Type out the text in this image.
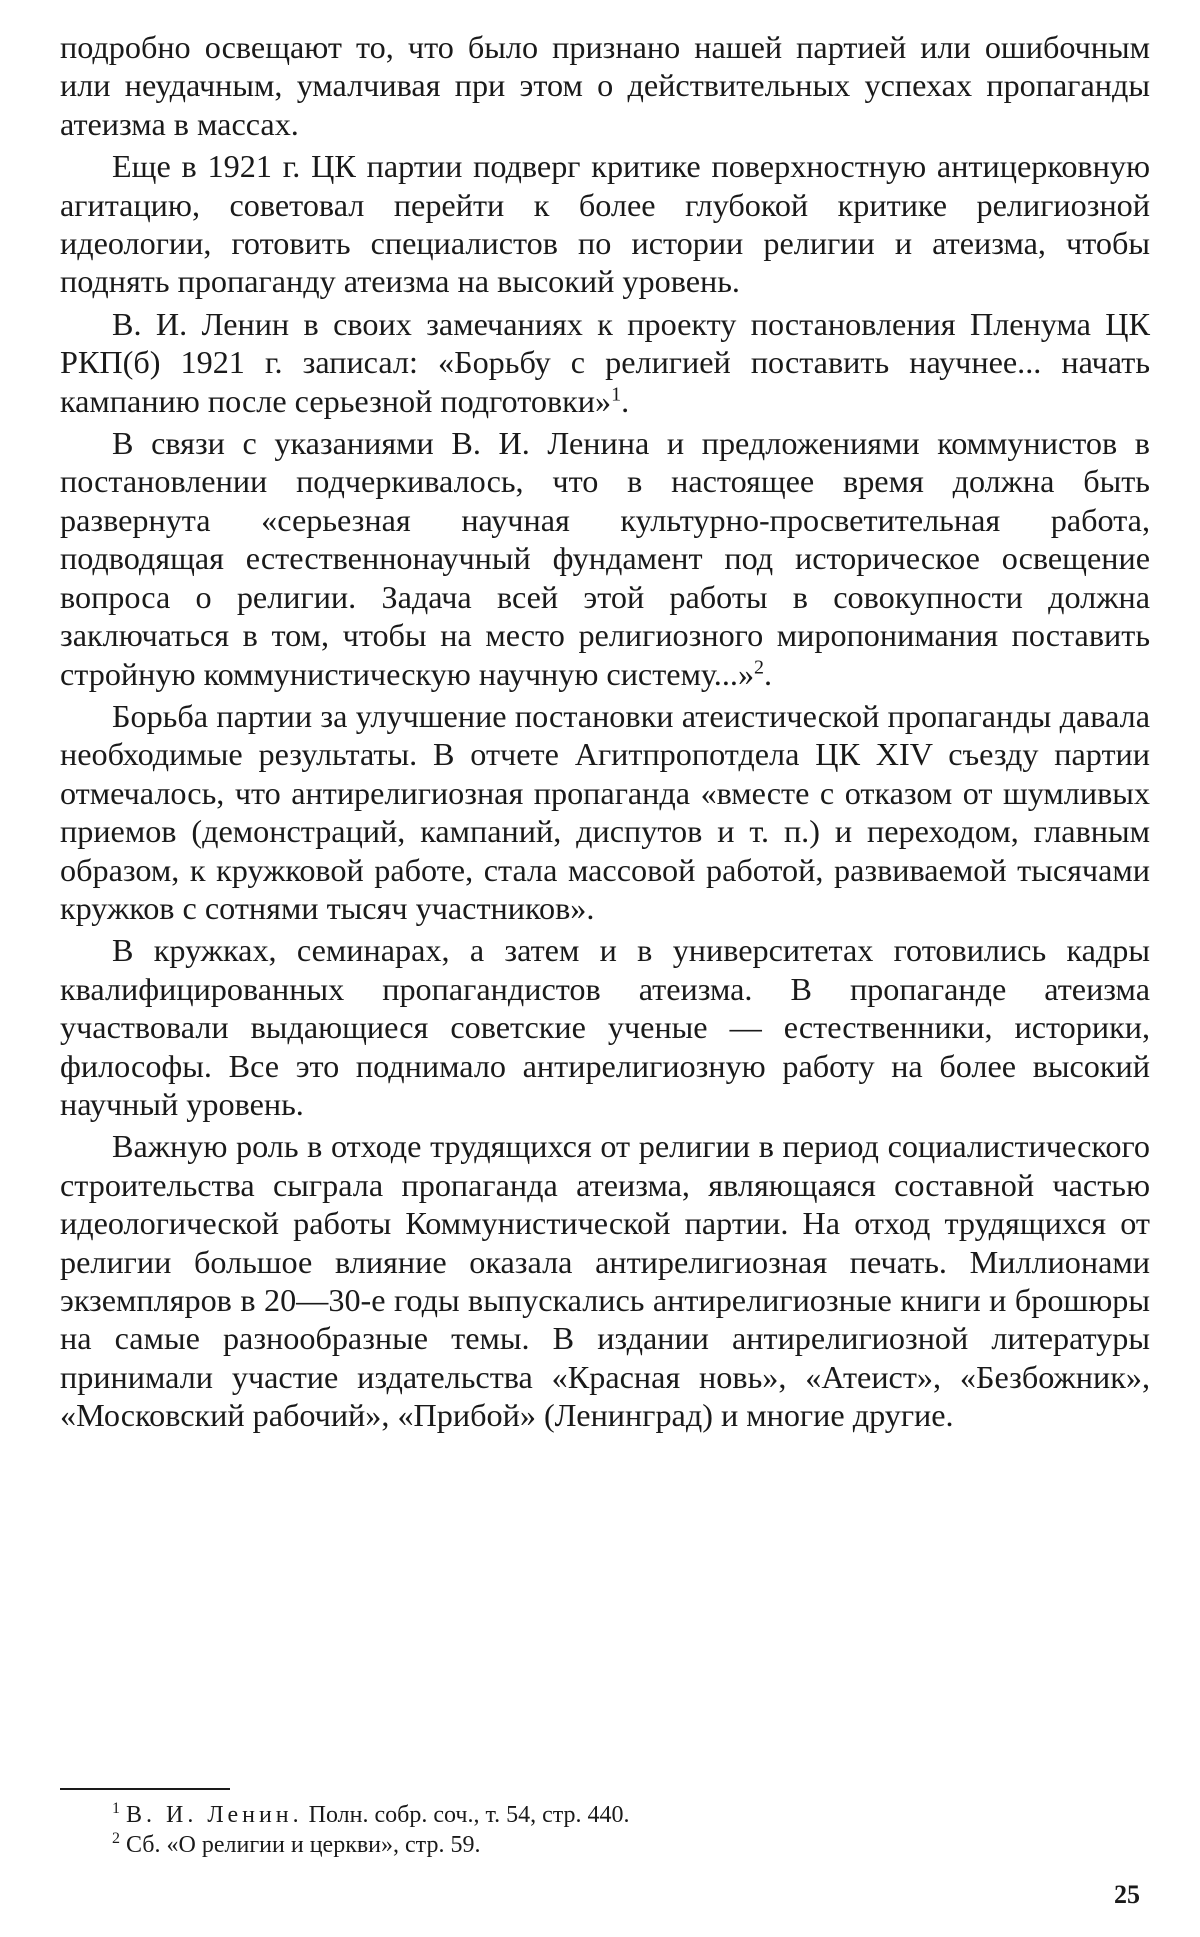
подробно освещают то, что было признано нашей партией или ошибочным или неудачным, умалчивая при этом о действительных успехах пропаганды атеизма в массах.

Еще в 1921 г. ЦК партии подверг критике поверхностную антицерковную агитацию, советовал перейти к более глубокой критике религиозной идеологии, готовить специалистов по истории религии и атеизма, чтобы поднять пропаганду атеизма на высокий уровень.

В. И. Ленин в своих замечаниях к проекту постановления Пленума ЦК РКП(б) 1921 г. записал: «Борьбу с религией поставить научнее... начать кампанию после серьезной подготовки»$^1$.

В связи с указаниями В. И. Ленина и предложениями коммунистов в постановлении подчеркивалось, что в настоящее время должна быть развернута «серьезная научная культурно-просветительная работа, подводящая естественнонаучный фундамент под историческое освещение вопроса о религии. Задача всей этой работы в совокупности должна заключаться в том, чтобы на место религиозного миропонимания поставить стройную коммунистическую научную систему...»$^2$.

Борьба партии за улучшение постановки атеистической пропаганды давала необходимые результаты. В отчете Агитпропотдела ЦК XIV съезду партии отмечалось, что антирелигиозная пропаганда «вместе с отказом от шумливых приемов (демонстраций, кампаний, диспутов и т. п.) и переходом, главным образом, к кружковой работе, стала массовой работой, развиваемой тысячами кружков с сотнями тысяч участников».

В кружках, семинарах, а затем и в университетах готовились кадры квалифицированных пропагандистов атеизма. В пропаганде атеизма участвовали выдающиеся советские ученые — естественники, историки, философы. Все это поднимало антирелигиозную работу на более высокий научный уровень.

Важную роль в отходе трудящихся от религии в период социалистического строительства сыграла пропаганда атеизма, являющаяся составной частью идеологической работы Коммунистической партии. На отход трудящихся от религии большое влияние оказала антирелигиозная печать. Миллионами экземпляров в 20—30-е годы выпускались антирелигиозные книги и брошюры на самые разнообразные темы. В издании антирелигиозной литературы принимали участие издательства «Красная новь», «Атеист», «Безбожник», «Московский рабочий», «Прибой» (Ленинград) и многие другие.

$^1$ В. И. Ленин. Полн. собр. соч., т. 54, стр. 440.

$^2$ Сб. «О религии и церкви», стр. 59.

25
